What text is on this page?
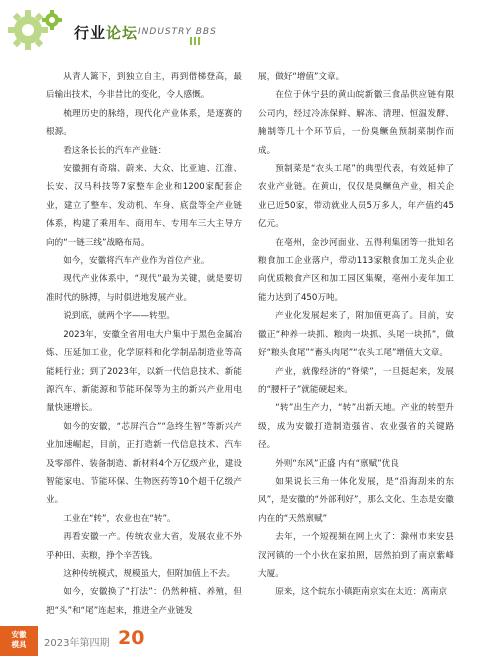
行业论坛 INDUSTRY BBS

从青人篱下，到独立自主，再到借梯登高，最后输出技术，今非昔比的变化，令人感慨。

梳理历史的脉络，现代化产业体系，是逐赛的根源。

看这条长长的汽车产业链：

安徽拥有奇瑞、蔚来、大众、比亚迪、江淮、长安、汉马科技等7家整车企业和1200家配套企业，建立了整车、发动机、车身、底盘等全产业链体系，构建了乘用车、商用车、专用车三大主导方向的“一链三线”战略布局。

如今，安徽将汽车产业作为首位产业。

现代产业体系中，“现代”最为关键，就是要切准时代的脉搏，与时俱进地发展产业。

说到底，就两个字——转型。

2023年，安徽全省用电大户集中于黑色金属冶炼、压延加工业，化学原料和化学制品制造业等高能耗行业；到了2023年，以新一代信息技术、新能源汽车、新能源和节能环保等为主的新兴产业用电量快速增长。

如今的安徽，“芯屏汽合”“急终生智”等新兴产业加速崛起，目前，正打造新一代信息技术、汽车及零部件、装备制造、新材料4个万亿级产业，建设智能家电、节能环保、生物医药等10个超千亿级产业。

工业在“转”，农业也在“转”。

再看安徽一产。传统农业大省，发展农业不外乎种田、卖粮，挣个辛苦钱。

这种传统模式，规模虽大，但附加值上不去。

如今，安徽换了“打法”：仍然种植、养殖，但把“头”和“尾”连起来，推进全产业链发

展，做好“增值”文章。

在位于休宁县的黄山皖新徽三食品供应链有限公司内，经过冷冻保鲜、解冻、清理、恒温发酵、腌制等几十个环节后，一份臭鳜鱼预制菜制作而成。

预制菜是“农头工尾”的典型代表，有效延伸了农业产业链。在黄山，仅仅是臭鳜鱼产业，相关企业已近50家，带动就业人员5万多人，年产值约45亿元。

在亳州，金沙河面业、五得利集团等一批知名粮食加工企业落户，带动113家粮食加工龙头企业向优质粮食产区和加工园区集聚，亳州小麦年加工能力达到了450万吨。

产业化发展起来了，附加值更高了。目前，安徽正“种养一块抓、粮肉一块抓、头尾一块抓”，做好“粮头食尾”“畜头肉尾”“农头工尾”增值大文章。

产业，就像经济的“脊梁”，一旦挺起来，发展的“腰杆子”就能硬起来。

“转”出生产力，“转”出新天地。产业的转型升级，成为安徽打造制造强省、农业强省的关键路径。

外则“东风”正盛 内有“禀赋”优良

如果说长三角一体化发展，是“沿海刮来的东风”，是安徽的“外部利好”，那么文化、生态是安徽内在的“天然禀赋”

去年，一个短视频在网上火了：滁州市来安县汊河镇的一个小伙在家拍照，居然拍到了南京紫峰大厦。

原来，这个皖东小镇距南京实在太近：离南京

安徽
模具	2023年第四期 20
